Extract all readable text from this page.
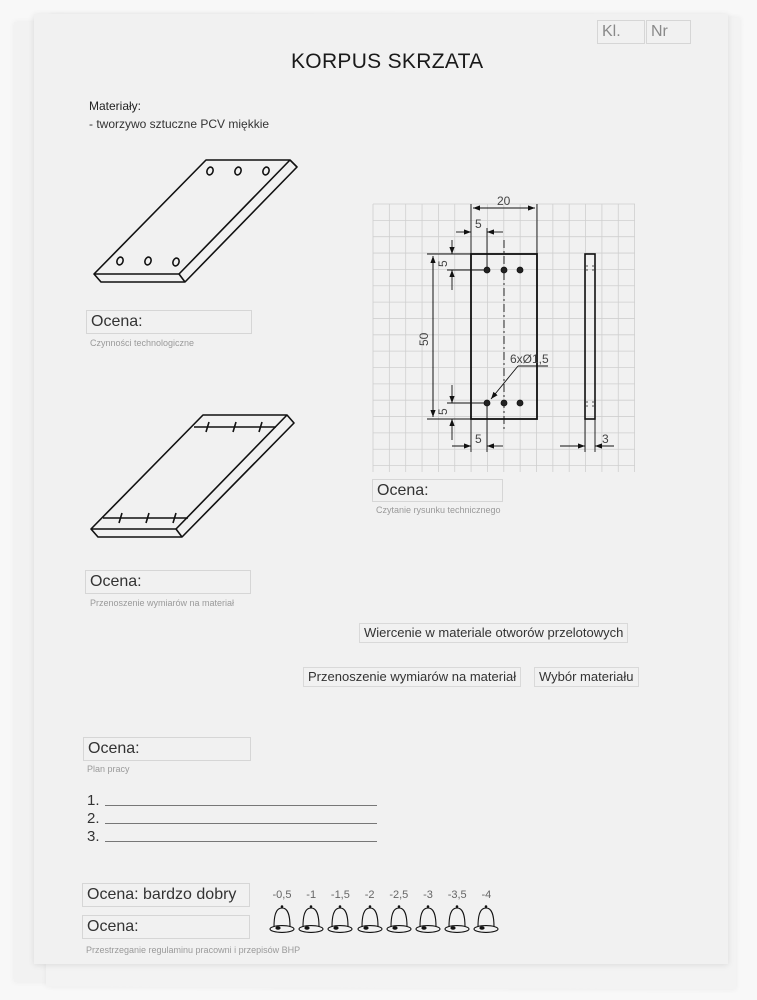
Kl.	Nr
KORPUS SKRZATA
Materiały:
- tworzywo sztuczne PCV miękkie
Ocena:
Czynności technologiczne
20
5
5
50
5
5
6xØ1,5
3
Ocena:
Czytanie rysunku technicznego
Ocena:
Przenoszenie wymiarów na materiał
Wiercenie w materiale otworów przelotowych
Przenoszenie wymiarów na materiał	Wybór materiału
Ocena:
Plan pracy
1.
2.
3.
Ocena: bardzo dobry
Ocena:
Przestrzeganie regulaminu pracowni i przepisów BHP
-0,5	-1	-1,5	-2	-2,5	-3	-3,5	-4
